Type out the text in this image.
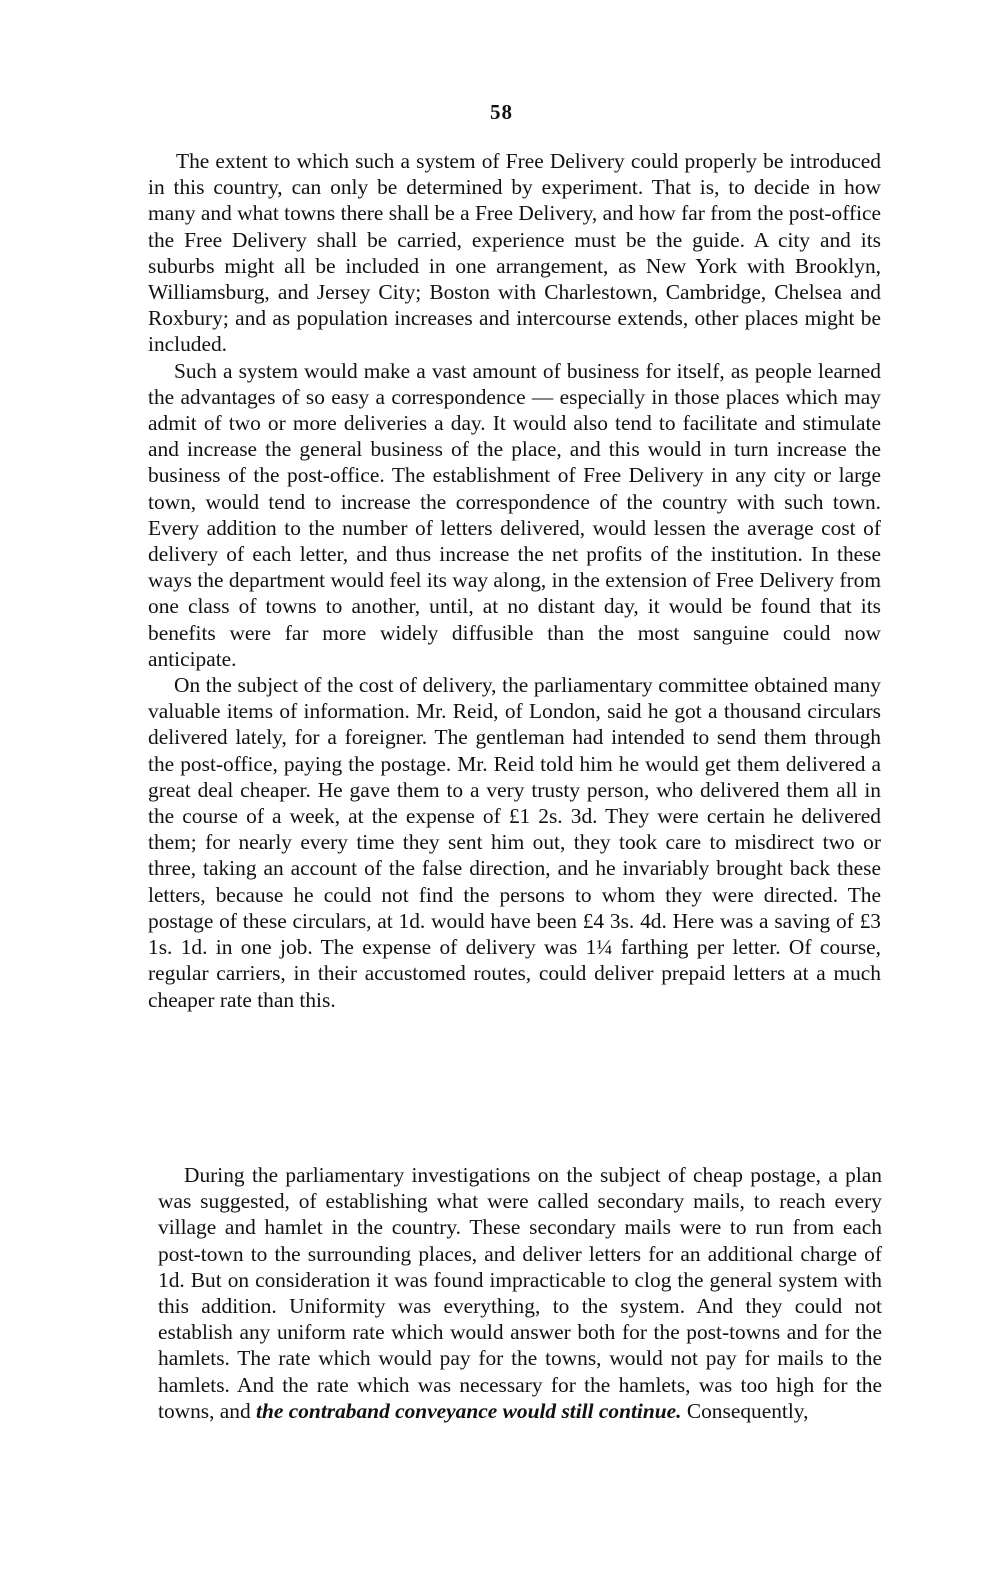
58

The extent to which such a system of Free Delivery could properly be introduced in this country, can only be determined by experiment. That is, to decide in how many and what towns there shall be a Free Delivery, and how far from the post-office the Free Delivery shall be carried, experience must be the guide. A city and its suburbs might all be included in one arrangement, as New York with Brooklyn, Williamsburg, and Jersey City; Boston with Charlestown, Cambridge, Chelsea and Roxbury; and as population increases and intercourse extends, other places might be included.

Such a system would make a vast amount of business for itself, as people learned the advantages of so easy a correspondence — especially in those places which may admit of two or more deliveries a day. It would also tend to facilitate and stimulate and increase the general business of the place, and this would in turn increase the business of the post-office. The establishment of Free Delivery in any city or large town, would tend to increase the correspondence of the country with such town. Every addition to the number of letters delivered, would lessen the average cost of delivery of each letter, and thus increase the net profits of the institution. In these ways the department would feel its way along, in the extension of Free Delivery from one class of towns to another, until, at no distant day, it would be found that its benefits were far more widely diffusible than the most sanguine could now anticipate.

On the subject of the cost of delivery, the parliamentary committee obtained many valuable items of information. Mr. Reid, of London, said he got a thousand circulars delivered lately, for a foreigner. The gentleman had intended to send them through the post-office, paying the postage. Mr. Reid told him he would get them delivered a great deal cheaper. He gave them to a very trusty person, who delivered them all in the course of a week, at the expense of £1 2s. 3d. They were certain he delivered them; for nearly every time they sent him out, they took care to misdirect two or three, taking an account of the false direction, and he invariably brought back these letters, because he could not find the persons to whom they were directed. The postage of these circulars, at 1d. would have been £4 3s. 4d. Here was a saving of £3 1s. 1d. in one job. The expense of delivery was 1¼ farthing per letter. Of course, regular carriers, in their accustomed routes, could deliver prepaid letters at a much cheaper rate than this.

During the parliamentary investigations on the subject of cheap postage, a plan was suggested, of establishing what were called secondary mails, to reach every village and hamlet in the country. These secondary mails were to run from each post-town to the surrounding places, and deliver letters for an additional charge of 1d. But on consideration it was found impracticable to clog the general system with this addition. Uniformity was everything, to the system. And they could not establish any uniform rate which would answer both for the post-towns and for the hamlets. The rate which would pay for the towns, would not pay for mails to the hamlets. And the rate which was necessary for the hamlets, was too high for the towns, and the contraband conveyance would still continue. Consequently,
